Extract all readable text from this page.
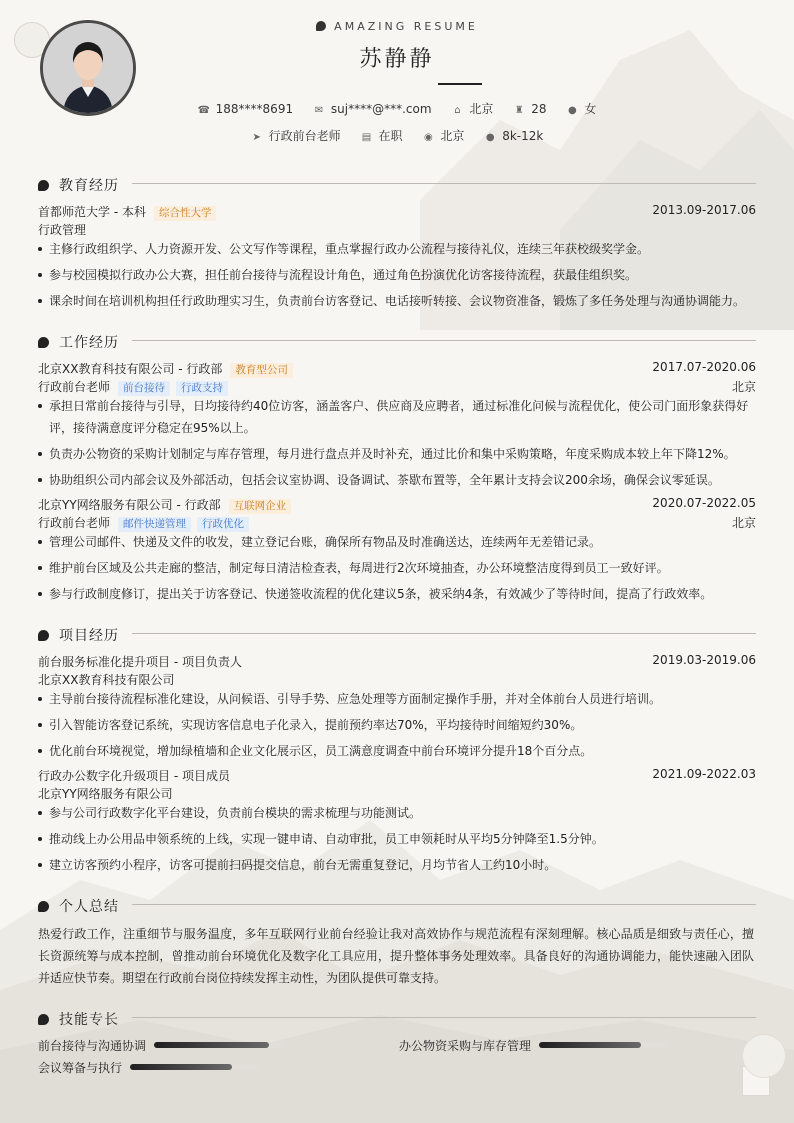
AMAZING RESUME
苏静静
☎ 188****8691 ✉ suj****@***.com ⌂ 北京 ♜ 28 ● 女
➤ 行政前台老师 ▤ 在职 ◉ 北京 ● 8k-12k
教育经历
首都师范大学 - 本科 综合性大学	2013.09-2017.06
行政管理
主修行政组织学、人力资源开发、公文写作等课程，重点掌握行政办公流程与接待礼仪，连续三年获校级奖学金。
参与校园模拟行政办公大赛，担任前台接待与流程设计角色，通过角色扮演优化访客接待流程，获最佳组织奖。
课余时间在培训机构担任行政助理实习生，负责前台访客登记、电话接听转接、会议物资准备，锻炼了多任务处理与沟通协调能力。
工作经历
北京XX教育科技有限公司 - 行政部 教育型公司	2017.07-2020.06
行政前台老师 前台接待 行政支持	北京
承担日常前台接待与引导，日均接待约40位访客，涵盖客户、供应商及应聘者，通过标准化问候与流程优化，使公司门面形象获得好评，接待满意度评分稳定在95%以上。
负责办公物资的采购计划制定与库存管理，每月进行盘点并及时补充，通过比价和集中采购策略，年度采购成本较上年下降12%。
协助组织公司内部会议及外部活动，包括会议室协调、设备调试、茶歇布置等，全年累计支持会议200余场，确保会议零延误。
北京YY网络服务有限公司 - 行政部 互联网企业	2020.07-2022.05
行政前台老师 邮件快递管理 行政优化	北京
管理公司邮件、快递及文件的收发，建立登记台账，确保所有物品及时准确送达，连续两年无差错记录。
维护前台区域及公共走廊的整洁，制定每日清洁检查表，每周进行2次环境抽查，办公环境整洁度得到员工一致好评。
参与行政制度修订，提出关于访客登记、快递签收流程的优化建议5条，被采纳4条，有效减少了等待时间，提高了行政效率。
项目经历
前台服务标准化提升项目 - 项目负责人	2019.03-2019.06
北京XX教育科技有限公司
主导前台接待流程标准化建设，从问候语、引导手势、应急处理等方面制定操作手册，并对全体前台人员进行培训。
引入智能访客登记系统，实现访客信息电子化录入，提前预约率达70%，平均接待时间缩短约30%。
优化前台环境视觉，增加绿植墙和企业文化展示区，员工满意度调查中前台环境评分提升18个百分点。
行政办公数字化升级项目 - 项目成员	2021.09-2022.03
北京YY网络服务有限公司
参与公司行政数字化平台建设，负责前台模块的需求梳理与功能测试。
推动线上办公用品申领系统的上线，实现一键申请、自动审批，员工申领耗时从平均5分钟降至1.5分钟。
建立访客预约小程序，访客可提前扫码提交信息，前台无需重复登记，月均节省人工约10小时。
个人总结
热爱行政工作，注重细节与服务温度，多年互联网行业前台经验让我对高效协作与规范流程有深刻理解。核心品质是细致与责任心，擅长资源统筹与成本控制，曾推动前台环境优化及数字化工具应用，提升整体事务处理效率。具备良好的沟通协调能力，能快速融入团队并适应快节奏。期望在行政前台岗位持续发挥主动性，为团队提供可靠支持。
技能专长
前台接待与沟通协调	办公物资采购与库存管理
会议筹备与执行
